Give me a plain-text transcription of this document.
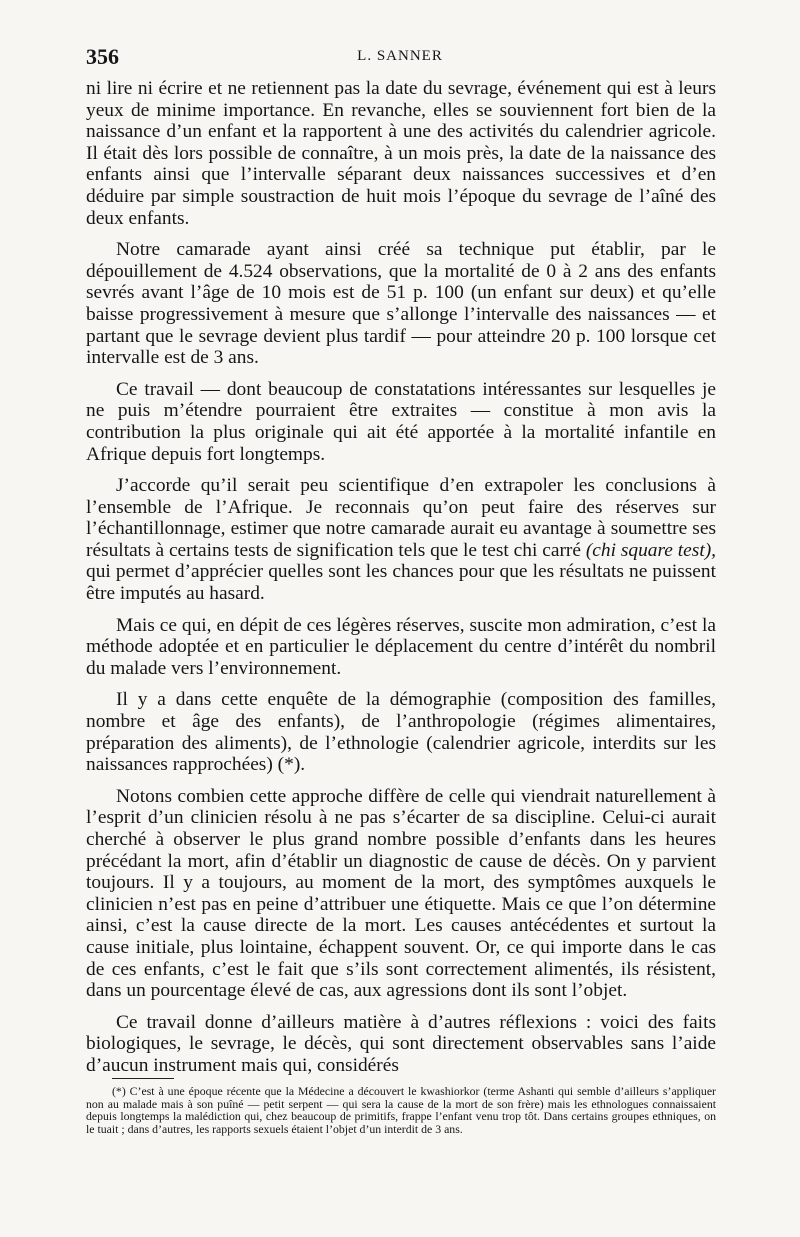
356	L. SANNER

ni lire ni écrire et ne retiennent pas la date du sevrage, événement qui est à leurs yeux de minime importance. En revanche, elles se souviennent fort bien de la naissance d’un enfant et la rapportent à une des activités du calendrier agricole. Il était dès lors possible de connaître, à un mois près, la date de la naissance des enfants ainsi que l’intervalle séparant deux naissances successives et d’en déduire par simple soustraction de huit mois l’époque du sevrage de l’aîné des deux enfants.

Notre camarade ayant ainsi créé sa technique put établir, par le dépouillement de 4.524 observations, que la mortalité de 0 à 2 ans des enfants sevrés avant l’âge de 10 mois est de 51 p. 100 (un enfant sur deux) et qu’elle baisse progressivement à mesure que s’allonge l’intervalle des naissances — et partant que le sevrage devient plus tardif — pour atteindre 20 p. 100 lorsque cet intervalle est de 3 ans.

Ce travail — dont beaucoup de constatations intéressantes sur lesquelles je ne puis m’étendre pourraient être extraites — constitue à mon avis la contribution la plus originale qui ait été apportée à la mortalité infantile en Afrique depuis fort longtemps.

J’accorde qu’il serait peu scientifique d’en extrapoler les conclusions à l’ensemble de l’Afrique. Je reconnais qu’on peut faire des réserves sur l’échantillonnage, estimer que notre camarade aurait eu avantage à soumettre ses résultats à certains tests de signification tels que le test chi carré (chi square test), qui permet d’apprécier quelles sont les chances pour que les résultats ne puissent être imputés au hasard.

Mais ce qui, en dépit de ces légères réserves, suscite mon admiration, c’est la méthode adoptée et en particulier le déplacement du centre d’intérêt du nombril du malade vers l’environnement.

Il y a dans cette enquête de la démographie (composition des familles, nombre et âge des enfants), de l’anthropologie (régimes alimentaires, préparation des aliments), de l’ethnologie (calendrier agricole, interdits sur les naissances rapprochées) (*).

Notons combien cette approche diffère de celle qui viendrait naturellement à l’esprit d’un clinicien résolu à ne pas s’écarter de sa discipline. Celui-ci aurait cherché à observer le plus grand nombre possible d’enfants dans les heures précédant la mort, afin d’établir un diagnostic de cause de décès. On y parvient toujours. Il y a toujours, au moment de la mort, des symptômes auxquels le clinicien n’est pas en peine d’attribuer une étiquette. Mais ce que l’on détermine ainsi, c’est la cause directe de la mort. Les causes antécédentes et surtout la cause initiale, plus lointaine, échappent souvent. Or, ce qui importe dans le cas de ces enfants, c’est le fait que s’ils sont correctement alimentés, ils résistent, dans un pourcentage élevé de cas, aux agressions dont ils sont l’objet.

Ce travail donne d’ailleurs matière à d’autres réflexions : voici des faits biologiques, le sevrage, le décès, qui sont directement observables sans l’aide d’aucun instrument mais qui, considérés

(*) C’est à une époque récente que la Médecine a découvert le kwashiorkor (terme Ashanti qui semble d’ailleurs s’appliquer non au malade mais à son puîné — petit serpent — qui sera la cause de la mort de son frère) mais les ethnologues connaissaient depuis longtemps la malédiction qui, chez beaucoup de primitifs, frappe l’enfant venu trop tôt. Dans certains groupes ethniques, on le tuait ; dans d’autres, les rapports sexuels étaient l’objet d’un interdit de 3 ans.
